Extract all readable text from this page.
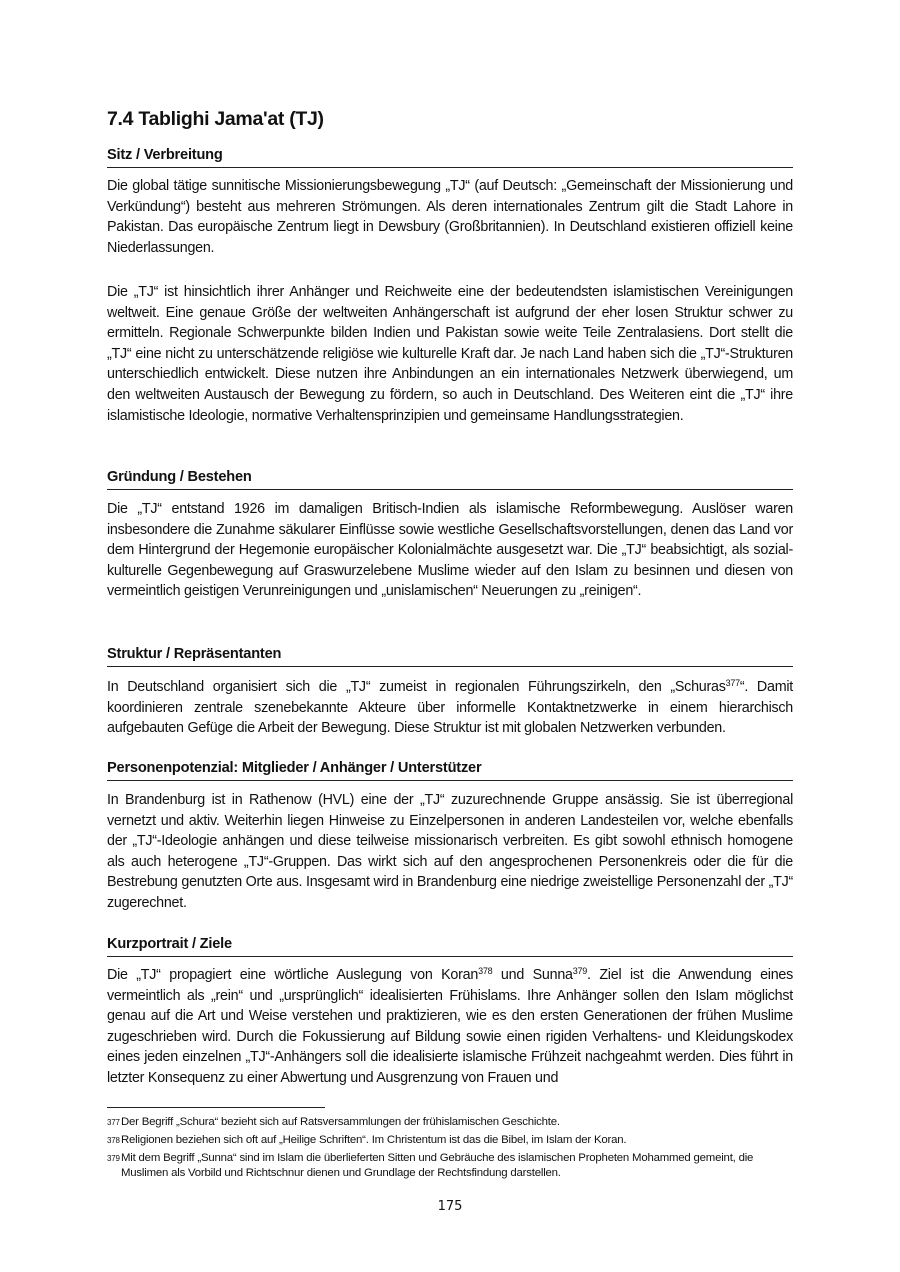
7.4 Tablighi Jama'at (TJ)
Sitz / Verbreitung

Die global tätige sunnitische Missionierungsbewegung „TJ“ (auf Deutsch: „Gemeinschaft der Missionierung und Verkündung“) besteht aus mehreren Strömungen. Als deren internationales Zentrum gilt die Stadt Lahore in Pakistan. Das europäische Zentrum liegt in Dewsbury (Großbritannien). In Deutschland existieren offiziell keine Niederlassungen.

Die „TJ“ ist hinsichtlich ihrer Anhänger und Reichweite eine der bedeutendsten islamistischen Vereinigungen weltweit. Eine genaue Größe der weltweiten Anhängerschaft ist aufgrund der eher losen Struktur schwer zu ermitteln. Regionale Schwerpunkte bilden Indien und Pakistan sowie weite Teile Zentralasiens. Dort stellt die „TJ“ eine nicht zu unterschätzende religiöse wie kulturelle Kraft dar. Je nach Land haben sich die „TJ“-Strukturen unterschiedlich entwickelt. Diese nutzen ihre Anbindungen an ein internationales Netzwerk überwiegend, um den weltweiten Austausch der Bewegung zu fördern, so auch in Deutschland. Des Weiteren eint die „TJ“ ihre islamistische Ideologie, normative Verhaltensprinzipien und gemeinsame Handlungsstrategien.

Gründung / Bestehen

Die „TJ“ entstand 1926 im damaligen Britisch-Indien als islamische Reformbewegung. Auslöser waren insbesondere die Zunahme säkularer Einflüsse sowie westliche Gesellschaftsvorstellungen, denen das Land vor dem Hintergrund der Hegemonie europäischer Kolonialmächte ausgesetzt war. Die „TJ“ beabsichtigt, als sozial-kulturelle Gegenbewegung auf Graswurzelebene Muslime wieder auf den Islam zu besinnen und diesen von vermeintlich geistigen Verunreinigungen und „unislamischen“ Neuerungen zu „reinigen“.

Struktur / Repräsentanten

In Deutschland organisiert sich die „TJ“ zumeist in regionalen Führungszirkeln, den „Schuras$^{377}$“. Damit koordinieren zentrale szenebekannte Akteure über informelle Kontaktnetzwerke in einem hierarchisch aufgebauten Gefüge die Arbeit der Bewegung. Diese Struktur ist mit globalen Netzwerken verbunden.

Personenpotenzial: Mitglieder / Anhänger / Unterstützer

In Brandenburg ist in Rathenow (HVL) eine der „TJ“ zuzurechnende Gruppe ansässig. Sie ist überregional vernetzt und aktiv. Weiterhin liegen Hinweise zu Einzelpersonen in anderen Landesteilen vor, welche ebenfalls der „TJ“-Ideologie anhängen und diese teilweise missionarisch verbreiten. Es gibt sowohl ethnisch homogene als auch heterogene „TJ“-Gruppen. Das wirkt sich auf den angesprochenen Personenkreis oder die für die Bestrebung genutzten Orte aus. Insgesamt wird in Brandenburg eine niedrige zweistellige Personenzahl der „TJ“ zugerechnet.

Kurzportrait / Ziele

Die „TJ“ propagiert eine wörtliche Auslegung von Koran$^{378}$ und Sunna$^{379}$. Ziel ist die Anwendung eines vermeintlich als „rein“ und „ursprünglich“ idealisierten Frühislams. Ihre Anhänger sollen den Islam möglichst genau auf die Art und Weise verstehen und praktizieren, wie es den ersten Generationen der frühen Muslime zugeschrieben wird. Durch die Fokussierung auf Bildung sowie einen rigiden Verhaltens- und Kleidungskodex eines jeden einzelnen „TJ“-Anhängers soll die idealisierte islamische Frühzeit nachgeahmt werden. Dies führt in letzter Konsequenz zu einer Abwertung und Ausgrenzung von Frauen und

377 Der Begriff „Schura“ bezieht sich auf Ratsversammlungen der frühislamischen Geschichte.
378 Religionen beziehen sich oft auf „Heilige Schriften“. Im Christentum ist das die Bibel, im Islam der Koran.
379 Mit dem Begriff „Sunna“ sind im Islam die überlieferten Sitten und Gebräuche des islamischen Propheten Mohammed gemeint, die Muslimen als Vorbild und Richtschnur dienen und Grundlage der Rechtsfindung darstellen.
175
